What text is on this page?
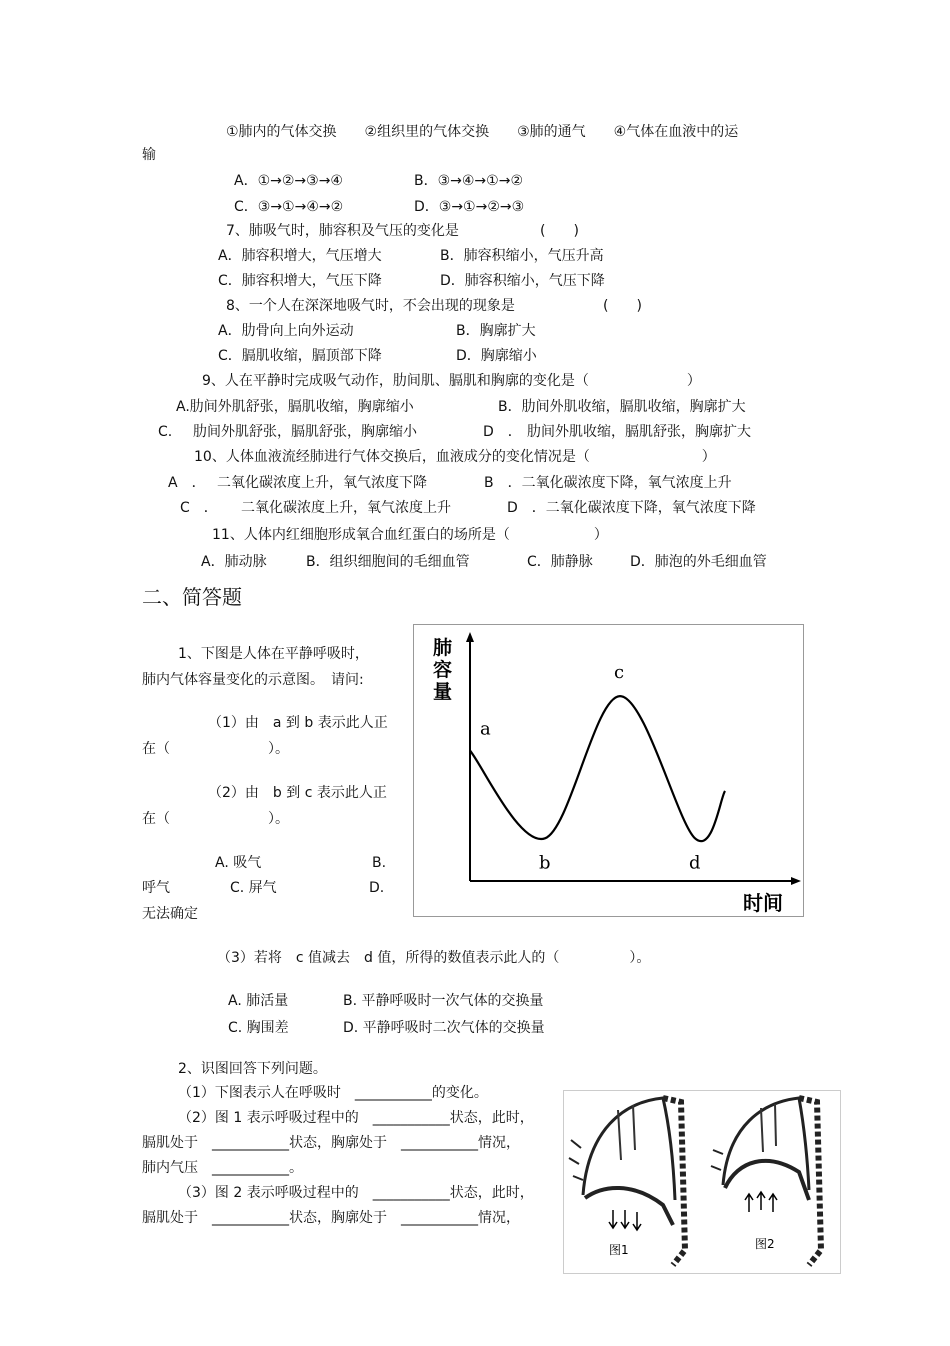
①肺内的气体交换　　②组织里的气体交换　　③肺的通气　　④气体在血液中的运
输
A．①→②→③→④	B．③→④→①→②
C．③→①→④→②	D．③→①→②→③
7、肺吸气时，肺容积及气压的变化是	(　　)
A．肺容积增大，气压增大	B．肺容积缩小，气压升高
C．肺容积增大，气压下降	D．肺容积缩小，气压下降
8、一个人在深深地吸气时，不会出现的现象是	(　　)
A．肋骨向上向外运动	B．胸廓扩大
C．膈肌收缩，膈顶部下降	D．胸廓缩小
9、人在平静时完成吸气动作，肋间肌、膈肌和胸廓的变化是（　　　　　　　）
A.肋间外肌舒张，膈肌收缩，胸廓缩小	B．肋间外肌收缩，膈肌收缩，胸廓扩大
C. 肋间外肌舒张，膈肌舒张，胸廓缩小	D　． 肋间外肌收缩，膈肌舒张，胸廓扩大
10、人体血液流经肺进行气体交换后，血液成分的变化情况是（　　　　　　　　）
A　． 二氧化碳浓度上升，氧气浓度下降	B　．二氧化碳浓度下降，氧气浓度上升
C　． 二氧化碳浓度上升，氧气浓度上升	D　．二氧化碳浓度下降，氧气浓度下降
11、人体内红细胞形成氧合血红蛋白的场所是（　　　　　　）
A．肺动脉	B．组织细胞间的毛细血管	C．肺静脉	D．肺泡的外毛细血管
二、简答题
1、下图是人体在平静呼吸时，
肺内气体容量变化的示意图。　请问:
（1）由　a 到 b 表示此人正
在（　　　　　　　）。
（2）由　b 到 c 表示此人正
在（　　　　　　　）。
A. 吸气	B.
呼气	C. 屏气	D.
无法确定
（3）若将　c 值减去　d 值，所得的数值表示此人的（　　　　　）。
A. 肺活量	B. 平静呼吸时一次气体的交换量
C. 胸围差	D. 平静呼吸时二次气体的交换量
肺
容
量
时间
a
b
c
d
2、识图回答下列问题。
（1）下图表示人在呼吸时　___________的变化。
（2）图 1 表示呼吸过程中的　___________状态，此时，
膈肌处于　___________状态，胸廓处于　___________情况，
肺内气压　___________。
（3）图 2 表示呼吸过程中的　___________状态，此时，
膈肌处于　___________状态，胸廓处于　___________情况，
图1	图2
